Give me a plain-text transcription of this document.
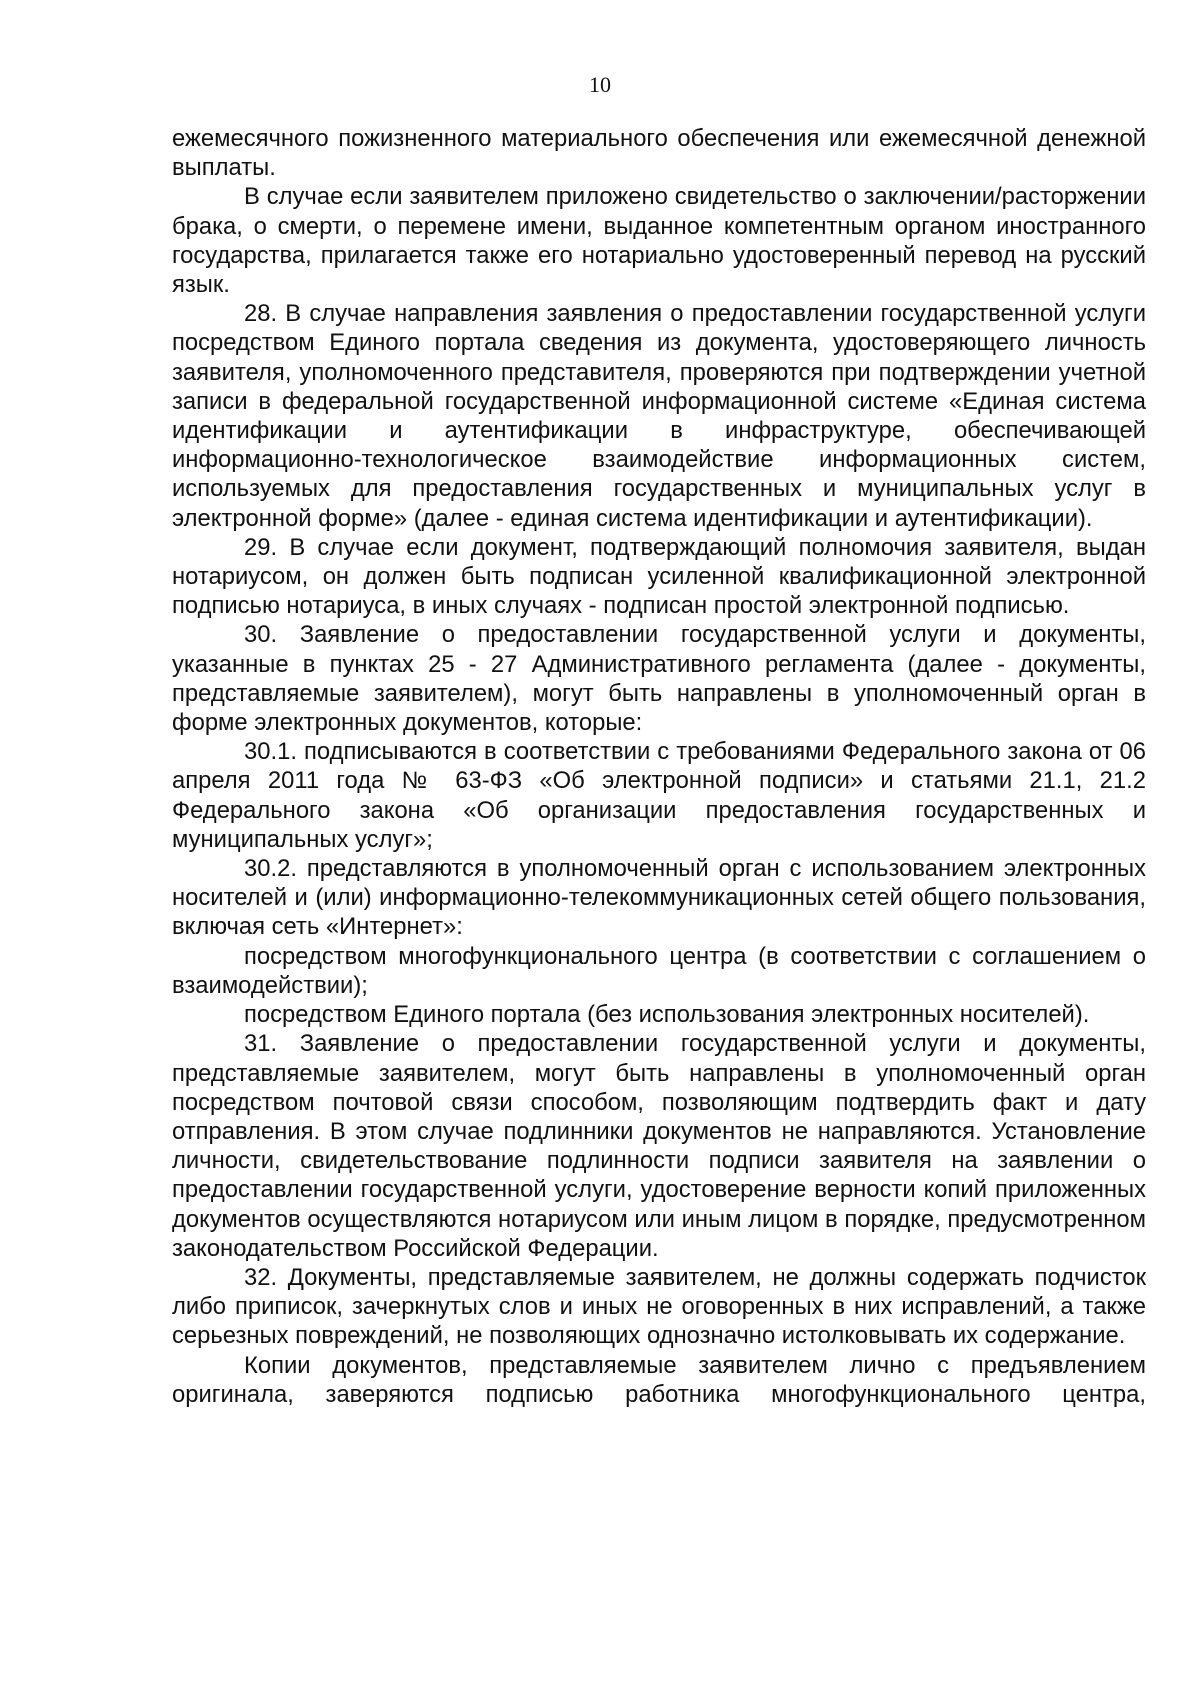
10

ежемесячного пожизненного материального обеспечения или ежемесячной денежной выплаты.

В случае если заявителем приложено свидетельство о заключении/расторжении брака, о смерти, о перемене имени, выданное компетентным органом иностранного государства, прилагается также его нотариально удостоверенный перевод на русский язык.

28. В случае направления заявления о предоставлении государственной услуги посредством Единого портала сведения из документа, удостоверяющего личность заявителя, уполномоченного представителя, проверяются при подтверждении учетной записи в федеральной государственной информационной системе «Единая система идентификации и аутентификации в инфраструктуре, обеспечивающей информационно-технологическое взаимодействие информационных систем, используемых для предоставления государственных и муниципальных услуг в электронной форме» (далее - единая система идентификации и аутентификации).

29. В случае если документ, подтверждающий полномочия заявителя, выдан нотариусом, он должен быть подписан усиленной квалификационной электронной подписью нотариуса, в иных случаях - подписан простой электронной подписью.

30. Заявление о предоставлении государственной услуги и документы, указанные в пунктах 25 - 27 Административного регламента (далее - документы, представляемые заявителем), могут быть направлены в уполномоченный орган в форме электронных документов, которые:

30.1. подписываются в соответствии с требованиями Федерального закона от 06 апреля 2011 года № 63-ФЗ «Об электронной подписи» и статьями 21.1, 21.2 Федерального закона «Об организации предоставления государственных и муниципальных услуг»;

30.2. представляются в уполномоченный орган с использованием электронных носителей и (или) информационно-телекоммуникационных сетей общего пользования, включая сеть «Интернет»:

посредством многофункционального центра (в соответствии с соглашением о взаимодействии);

посредством Единого портала (без использования электронных носителей).

31. Заявление о предоставлении государственной услуги и документы, представляемые заявителем, могут быть направлены в уполномоченный орган посредством почтовой связи способом, позволяющим подтвердить факт и дату отправления. В этом случае подлинники документов не направляются. Установление личности, свидетельствование подлинности подписи заявителя на заявлении о предоставлении государственной услуги, удостоверение верности копий приложенных документов осуществляются нотариусом или иным лицом в порядке, предусмотренном законодательством Российской Федерации.

32. Документы, представляемые заявителем, не должны содержать подчисток либо приписок, зачеркнутых слов и иных не оговоренных в них исправлений, а также серьезных повреждений, не позволяющих однозначно истолковывать их содержание.

Копии документов, представляемые заявителем лично с предъявлением оригинала, заверяются подписью работника многофункционального центра,
